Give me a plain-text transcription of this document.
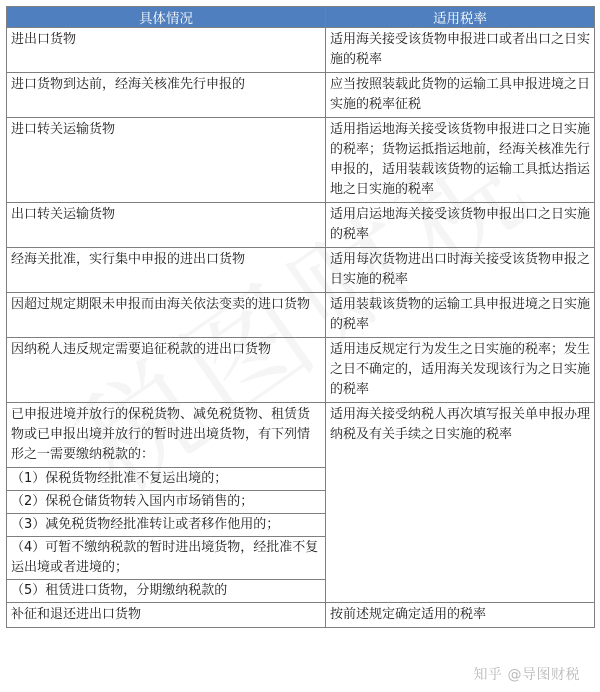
具体情况	适用税率
进出口货物	适用海关接受该货物申报进口或者出口之日实施的税率
进口货物到达前，经海关核准先行申报的	应当按照装载此货物的运输工具申报进境之日实施的税率征税
进口转关运输货物	适用指运地海关接受该货物申报进口之日实施的税率；货物运抵指运地前，经海关核准先行申报的，适用装载该货物的运输工具抵达指运地之日实施的税率
出口转关运输货物	适用启运地海关接受该货物申报出口之日实施的税率
经海关批准，实行集中申报的进出口货物	适用每次货物进出口时海关接受该货物申报之日实施的税率
因超过规定期限未申报而由海关依法变卖的进口货物	适用装载该货物的运输工具申报进境之日实施的税率
因纳税人违反规定需要追征税款的进出口货物	适用违反规定行为发生之日实施的税率；发生之日不确定的，适用海关发现该行为之日实施的税率
已申报进境并放行的保税货物、减免税货物、租赁货物或已申报出境并放行的暂时进出境货物，有下列情形之一需要缴纳税款的：	适用海关接受纳税人再次填写报关单申报办理纳税及有关手续之日实施的税率
（1）保税货物经批准不复运出境的；	
（2）保税仓储货物转入国内市场销售的；	
（3）减免税货物经批准转让或者移作他用的；	
（4）可暂不缴纳税款的暂时进出境货物，经批准不复运出境或者进境的；	
（5）租赁进口货物，分期缴纳税款的	
补征和退还进出口货物	按前述规定确定适用的税率
知乎 @导图财税
